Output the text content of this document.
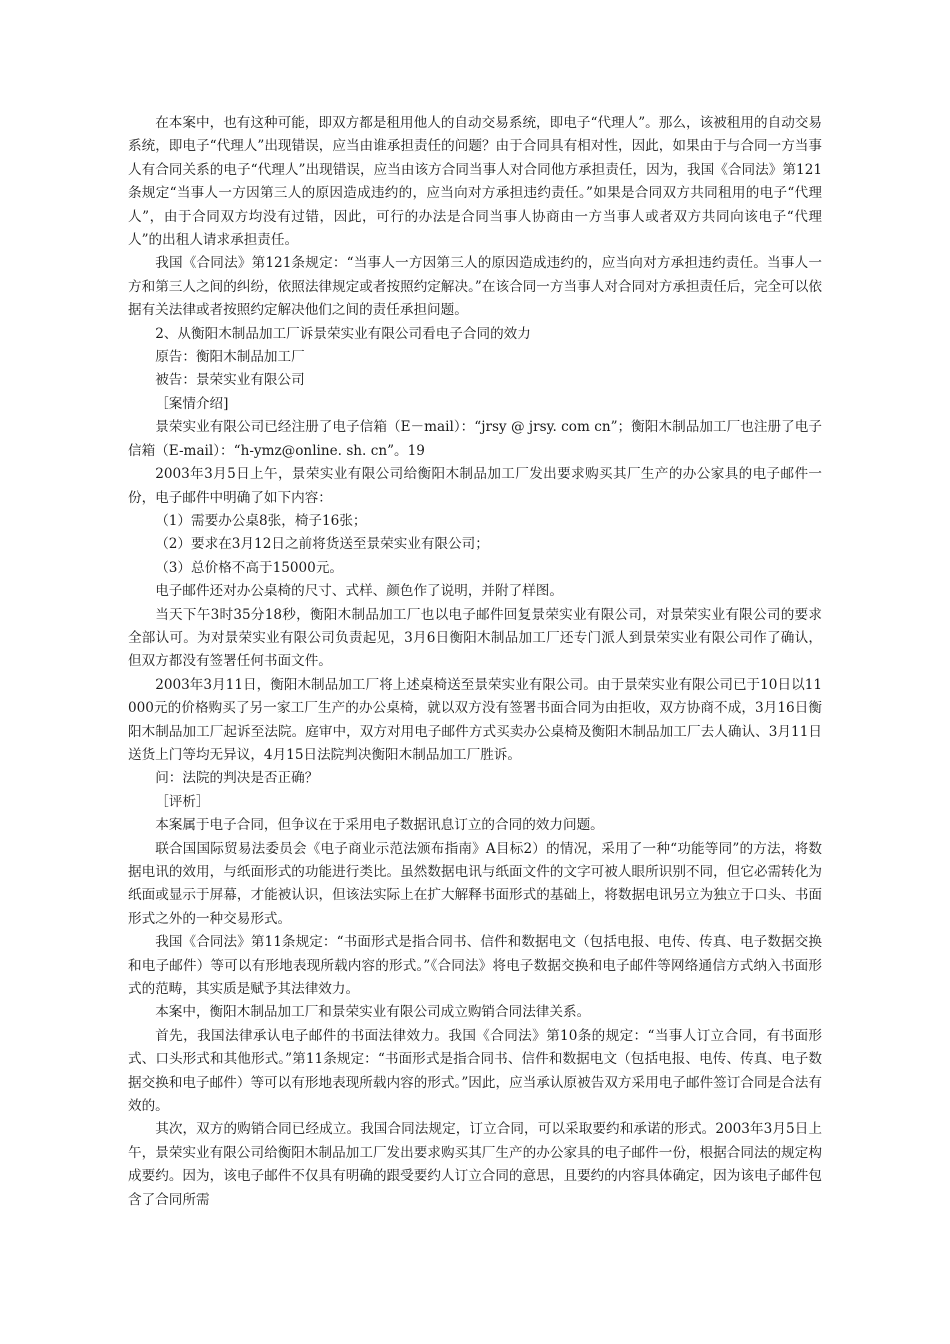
在本案中，也有这种可能，即双方都是租用他人的自动交易系统，即电子“代理人”。那么，该被租用的自动交易系统，即电子“代理人”出现错误，应当由谁承担责任的问题？由于合同具有相对性，因此，如果由于与合同一方当事人有合同关系的电子“代理人”出现错误，应当由该方合同当事人对合同他方承担责任，因为，我国《合同法》第121条规定“当事人一方因第三人的原因造成违约的，应当向对方承担违约责任。”如果是合同双方共同租用的电子“代理人”，由于合同双方均没有过错，因此，可行的办法是合同当事人协商由一方当事人或者双方共同向该电子“代理人”的出租人请求承担责任。

我国《合同法》第121条规定：“当事人一方因第三人的原因造成违约的，应当向对方承担违约责任。当事人一方和第三人之间的纠纷，依照法律规定或者按照约定解决。”在该合同一方当事人对合同对方承担责任后，完全可以依据有关法律或者按照约定解决他们之间的责任承担问题。

2、从衡阳木制品加工厂诉景荣实业有限公司看电子合同的效力

原告：衡阳木制品加工厂

被告：景荣实业有限公司

［案情介绍]

景荣实业有限公司已经注册了电子信箱（E－mail）：“jrsy @ jrsy. com cn”；衡阳木制品加工厂也注册了电子信箱（E-mail）：“h-ymz@online. sh. cn”。19

2003年3月5日上午，景荣实业有限公司给衡阳木制品加工厂发出要求购买其厂生产的办公家具的电子邮件一份，电子邮件中明确了如下内容：

（1）需要办公桌8张，椅子16张；

（2）要求在3月12日之前将货送至景荣实业有限公司；

（3）总价格不高于15000元。

电子邮件还对办公桌椅的尺寸、式样、颜色作了说明，并附了样图。

当天下午3时35分18秒，衡阳木制品加工厂也以电子邮件回复景荣实业有限公司，对景荣实业有限公司的要求全部认可。为对景荣实业有限公司负责起见，3月6日衡阳木制品加工厂还专门派人到景荣实业有限公司作了确认，但双方都没有签署任何书面文件。

2003年3月11日，衡阳木制品加工厂将上述桌椅送至景荣实业有限公司。由于景荣实业有限公司已于10日以11000元的价格购买了另一家工厂生产的办公桌椅，就以双方没有签署书面合同为由拒收，双方协商不成，3月16日衡阳木制品加工厂起诉至法院。庭审中，双方对用电子邮件方式买卖办公桌椅及衡阳木制品加工厂去人确认、3月11日送货上门等均无异议，4月15日法院判决衡阳木制品加工厂胜诉。

问：法院的判决是否正确？

［评析］

本案属于电子合同，但争议在于采用电子数据讯息订立的合同的效力问题。

联合国国际贸易法委员会《电子商业示范法颁布指南》A目标2）的情况，采用了一种“功能等同”的方法，将数据电讯的效用，与纸面形式的功能进行类比。虽然数据电讯与纸面文件的文字可被人眼所识别不同，但它必需转化为纸面或显示于屏幕，才能被认识，但该法实际上在扩大解释书面形式的基础上，将数据电讯另立为独立于口头、书面形式之外的一种交易形式。

我国《合同法》第11条规定：“书面形式是指合同书、信件和数据电文（包括电报、电传、传真、电子数据交换和电子邮件）等可以有形地表现所载内容的形式。”《合同法》将电子数据交换和电子邮件等网络通信方式纳入书面形式的范畴，其实质是赋予其法律效力。

本案中，衡阳木制品加工厂和景荣实业有限公司成立购销合同法律关系。

首先，我国法律承认电子邮件的书面法律效力。我国《合同法》第10条的规定：“当事人订立合同，有书面形式、口头形式和其他形式。”第11条规定：“书面形式是指合同书、信件和数据电文（包括电报、电传、传真、电子数据交换和电子邮件）等可以有形地表现所载内容的形式。”因此，应当承认原被告双方采用电子邮件签订合同是合法有效的。

其次，双方的购销合同已经成立。我国合同法规定，订立合同，可以采取要约和承诺的形式。2003年3月5日上午，景荣实业有限公司给衡阳木制品加工厂发出要求购买其厂生产的办公家具的电子邮件一份，根据合同法的规定构成要约。因为，该电子邮件不仅具有明确的跟受要约人订立合同的意思，且要约的内容具体确定，因为该电子邮件包含了合同所需
